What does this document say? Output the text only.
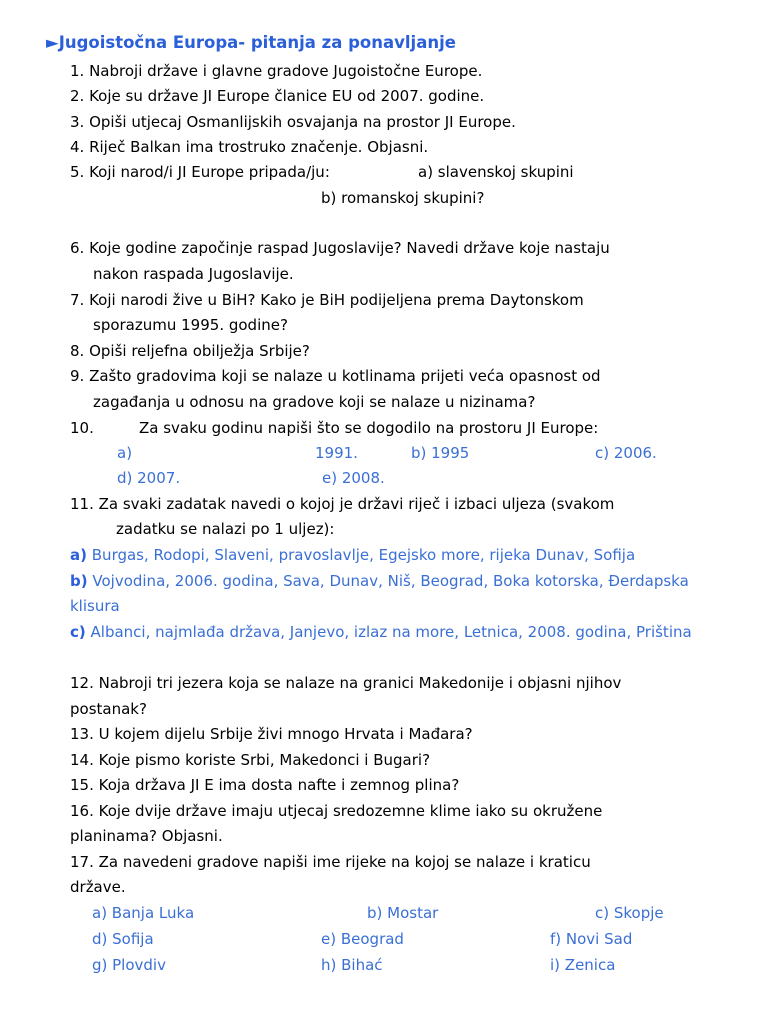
►Jugoistočna Europa- pitanja za ponavljanje
1. Nabroji države i glavne gradove Jugoistočne Europe.
2. Koje su države JI Europe članice EU od 2007. godine.
3. Opiši utjecaj Osmanlijskih osvajanja na prostor JI Europe.
4. Riječ Balkan ima trostruko značenje. Objasni.
5. Koji narod/i JI Europe pripada/ju:	a) slavenskoj skupini
b) romanskoj skupini?
6. Koje godine započinje raspad Jugoslavije? Navedi države koje nastaju
nakon raspada Jugoslavije.
7. Koji narodi žive u BiH? Kako je BiH podijeljena prema Daytonskom
sporazumu 1995. godine?
8. Opiši reljefna obilježja Srbije?
9. Zašto gradovima koji se nalaze u kotlinama prijeti veća opasnost od
zagađanja u odnosu na gradove koji se nalaze u nizinama?
10.	Za svaku godinu napiši što se dogodilo na prostoru JI Europe:
a)	1991.	b) 1995	c) 2006.
d) 2007.	e) 2008.
11. Za svaki zadatak navedi o kojoj je državi riječ i izbaci uljeza (svakom
zadatku se nalazi po 1 uljez):
a) Burgas, Rodopi, Slaveni, pravoslavlje, Egejsko more, rijeka Dunav, Sofija
b) Vojvodina, 2006. godina, Sava, Dunav, Niš, Beograd, Boka kotorska, Đerdapska
klisura
c) Albanci, najmlađa država, Janjevo, izlaz na more, Letnica, 2008. godina, Priština
12. Nabroji tri jezera koja se nalaze na granici Makedonije i objasni njihov
postanak?
13. U kojem dijelu Srbije živi mnogo Hrvata i Mađara?
14. Koje pismo koriste Srbi, Makedonci i Bugari?
15. Koja država JI E ima dosta nafte i zemnog plina?
16. Koje dvije države imaju utjecaj sredozemne klime iako su okružene
planinama? Objasni.
17. Za navedeni gradove napiši ime rijeke na kojoj se nalaze i kraticu
države.
a) Banja Luka	b) Mostar	c) Skopje
d) Sofija	e) Beograd	f) Novi Sad
g) Plovdiv	h) Bihać	i) Zenica
